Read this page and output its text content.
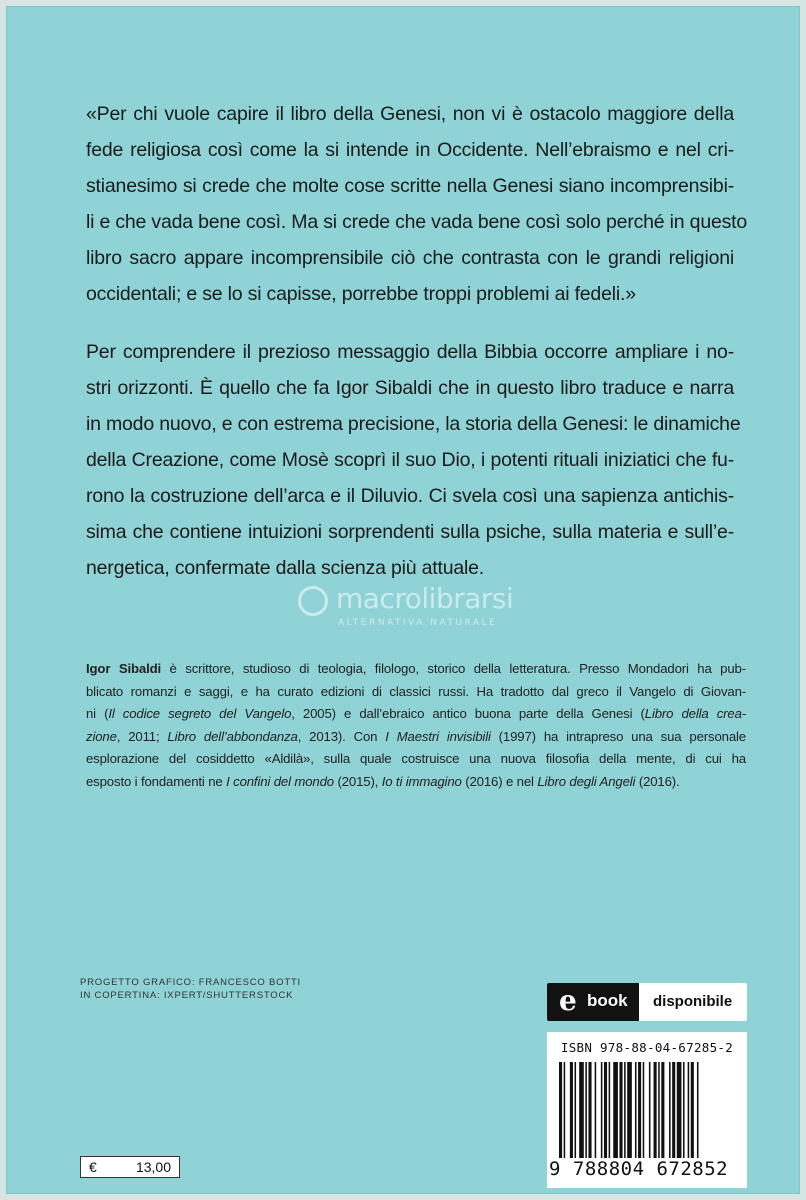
«Per chi vuole capire il libro della Genesi, non vi è ostacolo maggiore della
fede religiosa così come la si intende in Occidente. Nell’ebraismo e nel cri-
stianesimo si crede che molte cose scritte nella Genesi siano incomprensibi-
li e che vada bene così. Ma si crede che vada bene così solo perché in questo
libro sacro appare incomprensibile ciò che contrasta con le grandi religioni
occidentali; e se lo si capisse, porrebbe troppi problemi ai fedeli.»
Per comprendere il prezioso messaggio della Bibbia occorre ampliare i no-
stri orizzonti. È quello che fa Igor Sibaldi che in questo libro traduce e narra
in modo nuovo, e con estrema precisione, la storia della Genesi: le dinamiche
della Creazione, come Mosè scoprì il suo Dio, i potenti rituali iniziatici che fu-
rono la costruzione dell’arca e il Diluvio. Ci svela così una sapienza antichis-
sima che contiene intuizioni sorprendenti sulla psiche, sulla materia e sull’e-
nergetica, confermate dalla scienza più attuale.
macrolibrarsi
ALTERNATIVA NATURALE
Igor Sibaldi è scrittore, studioso di teologia, filologo, storico della letteratura. Presso Mondadori ha pub-
blicato romanzi e saggi, e ha curato edizioni di classici russi. Ha tradotto dal greco il Vangelo di Giovan-
ni (Il codice segreto del Vangelo, 2005) e dall’ebraico antico buona parte della Genesi (Libro della crea-
zione, 2011; Libro dell’abbondanza, 2013). Con I Maestri invisibili (1997) ha intrapreso una sua personale
esplorazione del cosiddetto «Aldilà», sulla quale costruisce una nuova filosofia della mente, di cui ha
esposto i fondamenti ne I confini del mondo (2015), Io ti immagino (2016) e nel Libro degli Angeli (2016).
PROGETTO GRAFICO: FRANCESCO BOTTI
IN COPERTINA: IXPERT/SHUTTERSTOCK	e book disponibile
ISBN 978-88-04-67285-2
9 788804 672852
€	13,00
